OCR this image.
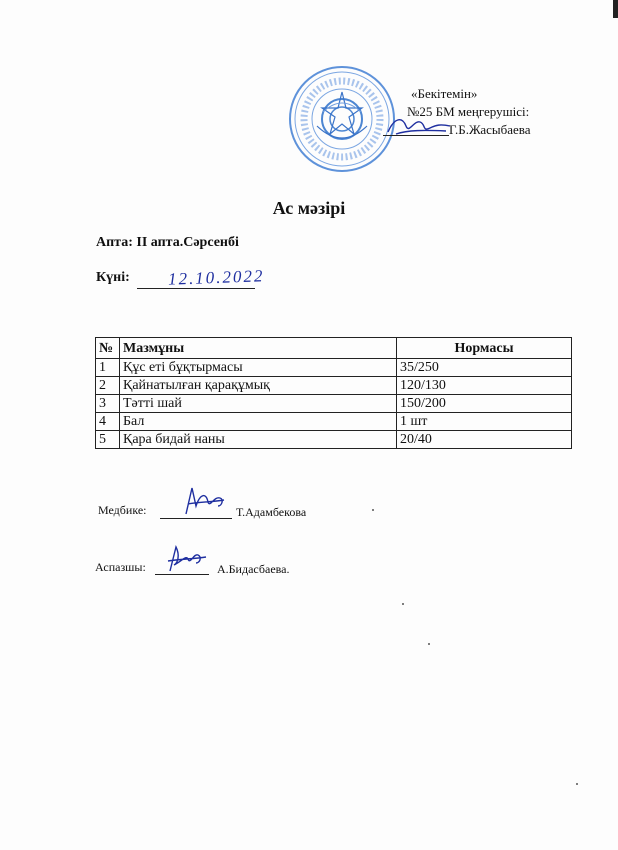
«Бекітемін»
№25 БМ меңгерушісі:
Г.Б.Жасыбаева
Ас мәзірі
Апта: II апта.Сәрсенбі
Күні: 12.10.2022
№	Мазмұны	Нормасы
1	Құс еті бұқтырмасы	35/250
2	Қайнатылған қарақұмық	120/130
3	Тәтті шай	150/200
4	Бал	1 шт
5	Қара бидай наны	20/40
Медбике:	Т.Адамбекова
Аспазшы:	А.Бидасбаева.
